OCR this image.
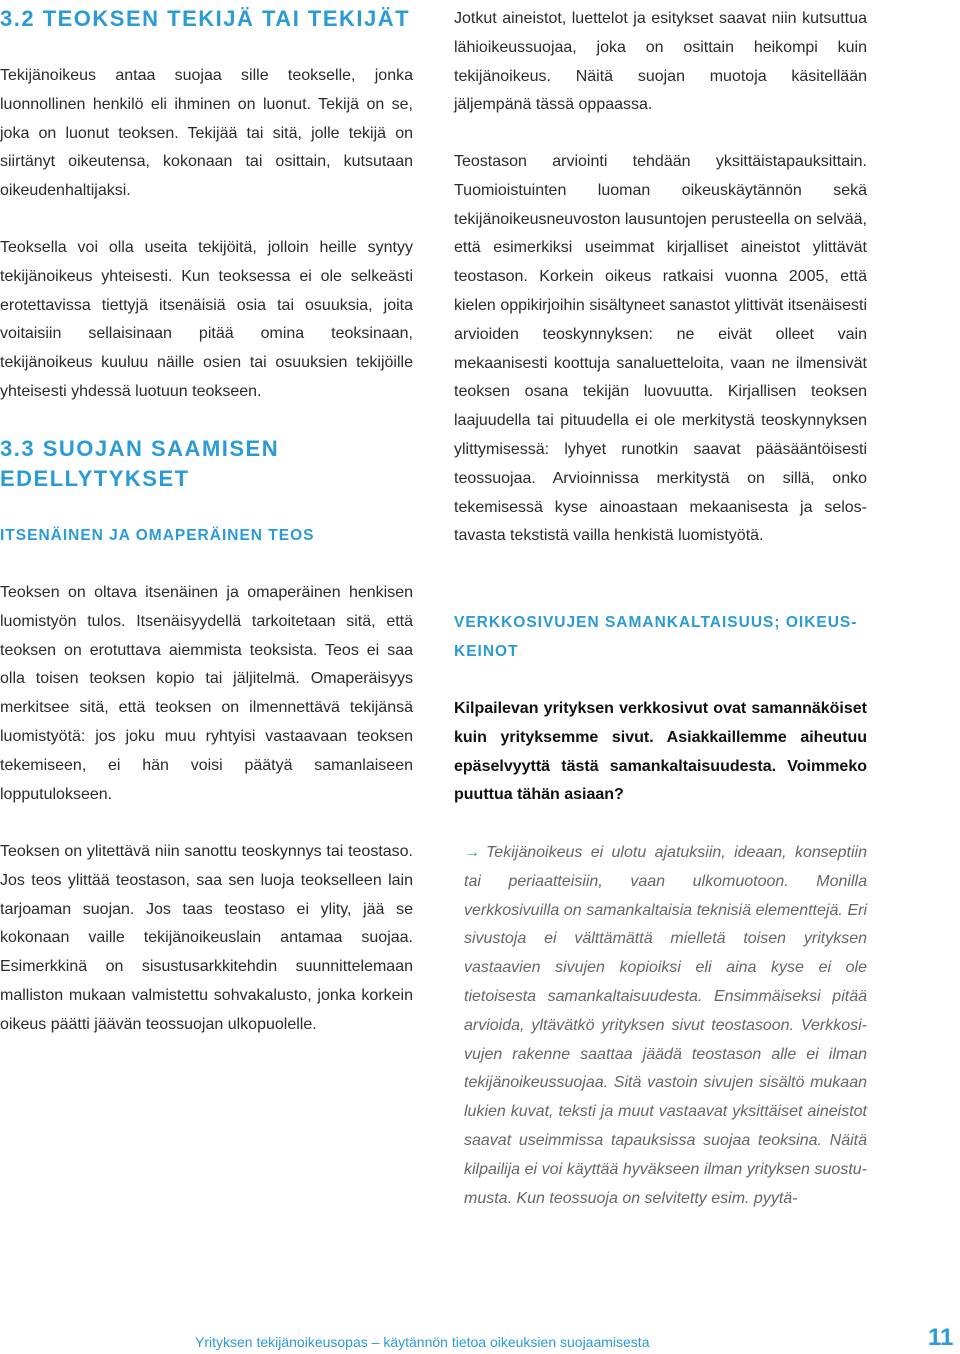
3.2 TEOKSEN TEKIJÄ TAI TEKIJÄT

Tekijänoikeus antaa suojaa sille teokselle, jonka luonnollinen henkilö eli ihminen on luonut. Tekijä on se, joka on luonut teoksen. Tekijää tai sitä, jolle tekijä on siirtänyt oikeutensa, kokonaan tai osittain, kutsutaan oikeudenhaltijaksi.

Teoksella voi olla useita tekijöitä, jolloin heille syntyy tekijänoikeus yhteisesti. Kun teoksessa ei ole selkeästi erotettavissa tiettyjä itsenäisiä osia tai osuuksia, joita voitaisiin sellaisinaan pitää omina teoksinaan, tekijänoikeus kuuluu näille osien tai osuuksien tekijöille yhteisesti yhdessä luotuun teokseen.

3.3 SUOJAN SAAMISEN EDELLYTYKSET
ITSENÄINEN JA OMAPERÄINEN TEOS

Teoksen on oltava itsenäinen ja omaperäinen henkisen luomistyön tulos. Itsenäisyydellä tarkoitetaan sitä, että teoksen on erotuttava aiemmista teoksista. Teos ei saa olla toisen teoksen kopio tai jäljitelmä. Omaperäisyys merkitsee sitä, että teoksen on ilmennettävä tekijänsä luomistyötä: jos joku muu ryhtyisi vastaavaan teoksen tekemiseen, ei hän voisi päätyä samanlaiseen lopputulokseen.

Teoksen on ylitettävä niin sanottu teoskynnys tai teostaso. Jos teos ylittää teostason, saa sen luoja teokselleen lain tarjoaman suojan. Jos taas teostaso ei ylity, jää se kokonaan vaille tekijänoikeuslain antamaa suojaa. Esimerkkinä on sisustusarkkitehdin suunnittelemaan malliston mukaan valmistettu sohvakalusto, jonka korkein oikeus päätti jäävän teossuojan ulkopuolelle.

Jotkut aineistot, luettelot ja esitykset saavat niin kutsuttua lähioikeussuojaa, joka on osittain heikompi kuin tekijänoikeus. Näitä suojan muotoja käsitellään jäljempänä tässä oppaassa.

Teostason arviointi tehdään yksittäistapauksittain. Tuomioistuinten luoman oikeuskäytännön sekä tekijänoikeusneuvoston lausuntojen perusteella on selvää, että esimerkiksi useimmat kirjalliset aineistot ylittävät teostason. Korkein oikeus ratkaisi vuonna 2005, että kielen oppikirjoihin sisältyneet sanastot ylittivät itsenäisesti arvioiden teoskynnyksen: ne eivät olleet vain mekaanisesti koottuja sanaluetteloita, vaan ne ilmensivät teoksen osana tekijän luovuutta. Kirjallisen teoksen laajuudella tai pituudella ei ole merkitystä teoskynnyksen ylittymisessä: lyhyet runotkin saavat pääsääntöisesti teossuojaa. Arvioinnissa merkitystä on sillä, onko tekemisessä kyse ainoastaan mekaanisesta ja selostavasta tekstistä vailla henkistä luomistyötä.

VERKKOSIVUJEN SAMANKALTAISUUS; OIKEUSKEINOT

Kilpailevan yrityksen verkkosivut ovat samannäköiset kuin yrityksemme sivut. Asiakkaillemme aiheutuu epäselvyyttä tästä samankaltaisuudesta. Voimmeko puuttua tähän asiaan?

→ Tekijänoikeus ei ulotu ajatuksiin, ideaan, konseptiin tai periaatteisiin, vaan ulkomuotoon. Monilla verkkosivuilla on samankaltaisia teknisiä elementtejä. Eri sivustoja ei välttämättä mielletä toisen yrityksen vastaavien sivujen kopioiksi eli aina kyse ei ole tietoisesta samankaltaisuudesta. Ensimmäiseksi pitää arvioida, yltävätkö yrityksen sivut teostasoon. Verkkosivujen rakenne saattaa jäädä teostason alle ei ilman tekijänoikeussuojaa. Sitä vastoin sivujen sisältö mukaan lukien kuvat, teksti ja muut vastaavat yksittäiset aineistot saavat useimmissa tapauksissa suojaa teoksina. Näitä kilpailija ei voi käyttää hyväkseen ilman yrityksen suostumusta. Kun teossuoja on selvitetty esim. pyytä-

Yrityksen tekijänoikeusopas – käytännön tietoa oikeuksien suojaamisesta	11
